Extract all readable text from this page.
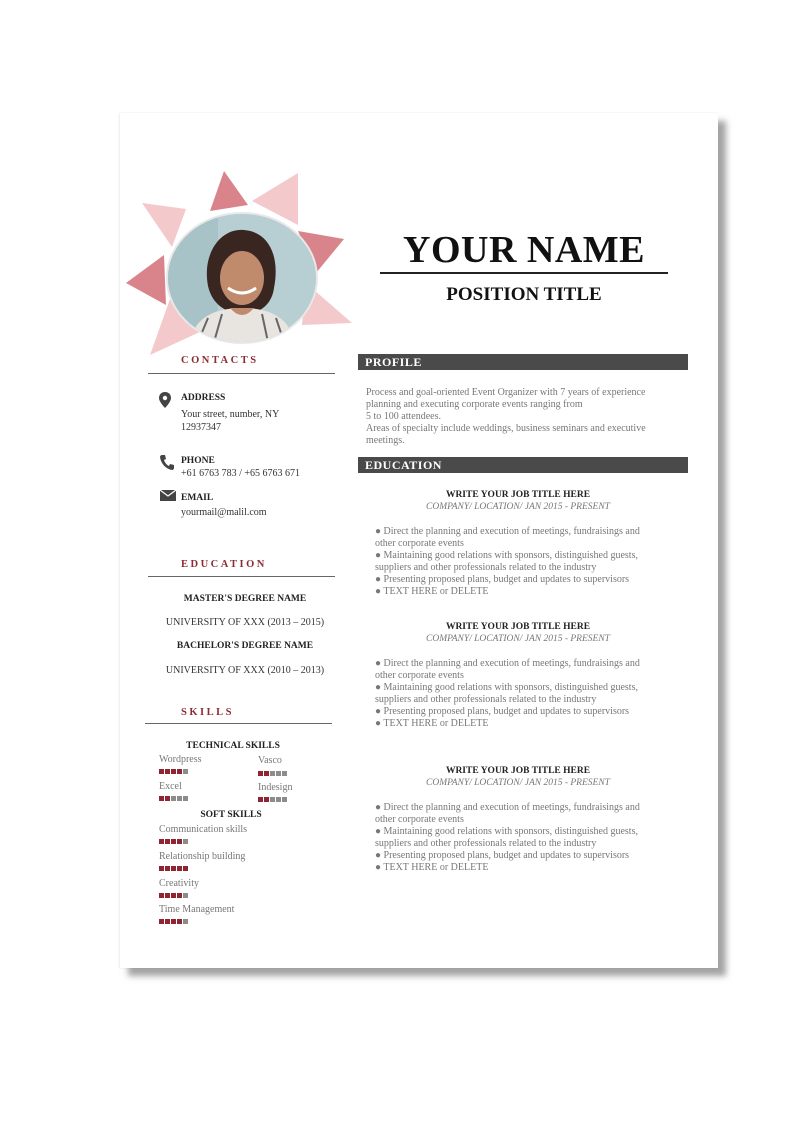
YOUR NAME
POSITION TITLE
CONTACTS
ADDRESS
Your street, number, NY
12937347
PHONE
+61 6763 783 / +65 6763 671
EMAIL
yourmail@malil.com
EDUCATION
MASTER'S DEGREE NAME
UNIVERSITY OF XXX (2013 – 2015)
BACHELOR'S DEGREE NAME
UNIVERSITY OF XXX (2010 – 2013)
SKILLS
TECHNICAL SKILLS
Wordpress	Vasco
Excel	Indesign
SOFT SKILLS
Communication skills
Relationship building
Creativity
Time Management
PROFILE
Process and goal-oriented Event Organizer with 7 years of experience
planning and executing corporate events ranging from
5 to 100 attendees.
Areas of specialty include weddings, business seminars and executive
meetings.
EDUCATION
WRITE YOUR JOB TITLE HERE
COMPANY/ LOCATION/ JAN 2015 - PRESENT
● Direct the planning and execution of meetings, fundraisings and
other corporate events
● Maintaining good relations with sponsors, distinguished guests,
suppliers and other professionals related to the industry
● Presenting proposed plans, budget and updates to supervisors
● TEXT HERE or DELETE
WRITE YOUR JOB TITLE HERE
COMPANY/ LOCATION/ JAN 2015 - PRESENT
● Direct the planning and execution of meetings, fundraisings and
other corporate events
● Maintaining good relations with sponsors, distinguished guests,
suppliers and other professionals related to the industry
● Presenting proposed plans, budget and updates to supervisors
● TEXT HERE or DELETE
WRITE YOUR JOB TITLE HERE
COMPANY/ LOCATION/ JAN 2015 - PRESENT
● Direct the planning and execution of meetings, fundraisings and
other corporate events
● Maintaining good relations with sponsors, distinguished guests,
suppliers and other professionals related to the industry
● Presenting proposed plans, budget and updates to supervisors
● TEXT HERE or DELETE
